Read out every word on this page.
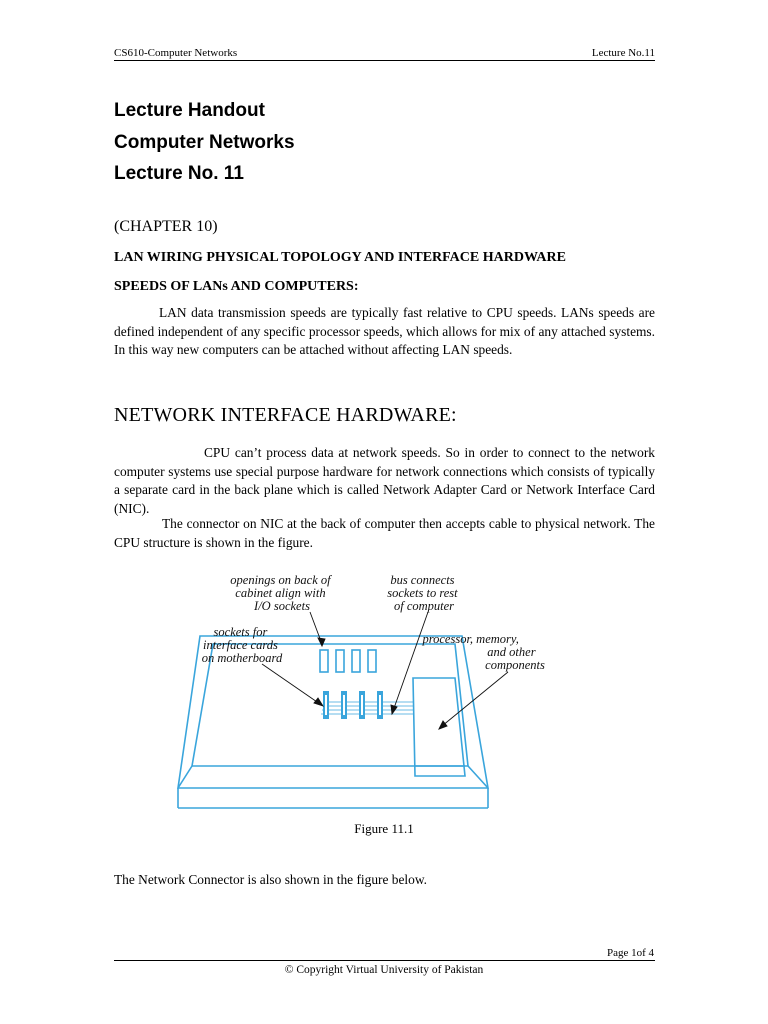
CS610-Computer Networks	Lecture No.11
Lecture Handout
Computer Networks
Lecture No. 11
(CHAPTER 10)
LAN WIRING PHYSICAL TOPOLOGY AND INTERFACE HARDWARE
SPEEDS OF LANs AND COMPUTERS:
LAN data transmission speeds are typically fast relative to CPU speeds. LANs speeds are defined independent of any specific processor speeds, which allows for mix of any attached systems. In this way new computers can be attached without affecting LAN speeds.
NETWORK INTERFACE HARDWARE:
CPU can’t process data at network speeds. So in order to connect to the network computer systems use special purpose hardware for network connections which consists of typically a separate card in the back plane which is called Network Adapter Card or Network Interface Card (NIC).
The connector on NIC at the back of computer then accepts cable to physical network. The CPU structure is shown in the figure.
openings on back of cabinet align with I/O sockets
bus connects sockets to rest of computer
sockets for interface cards on motherboard
processor, memory, and other components
Figure 11.1
The Network Connector is also shown in the figure below.
Page 1of 4
© Copyright Virtual University of Pakistan
